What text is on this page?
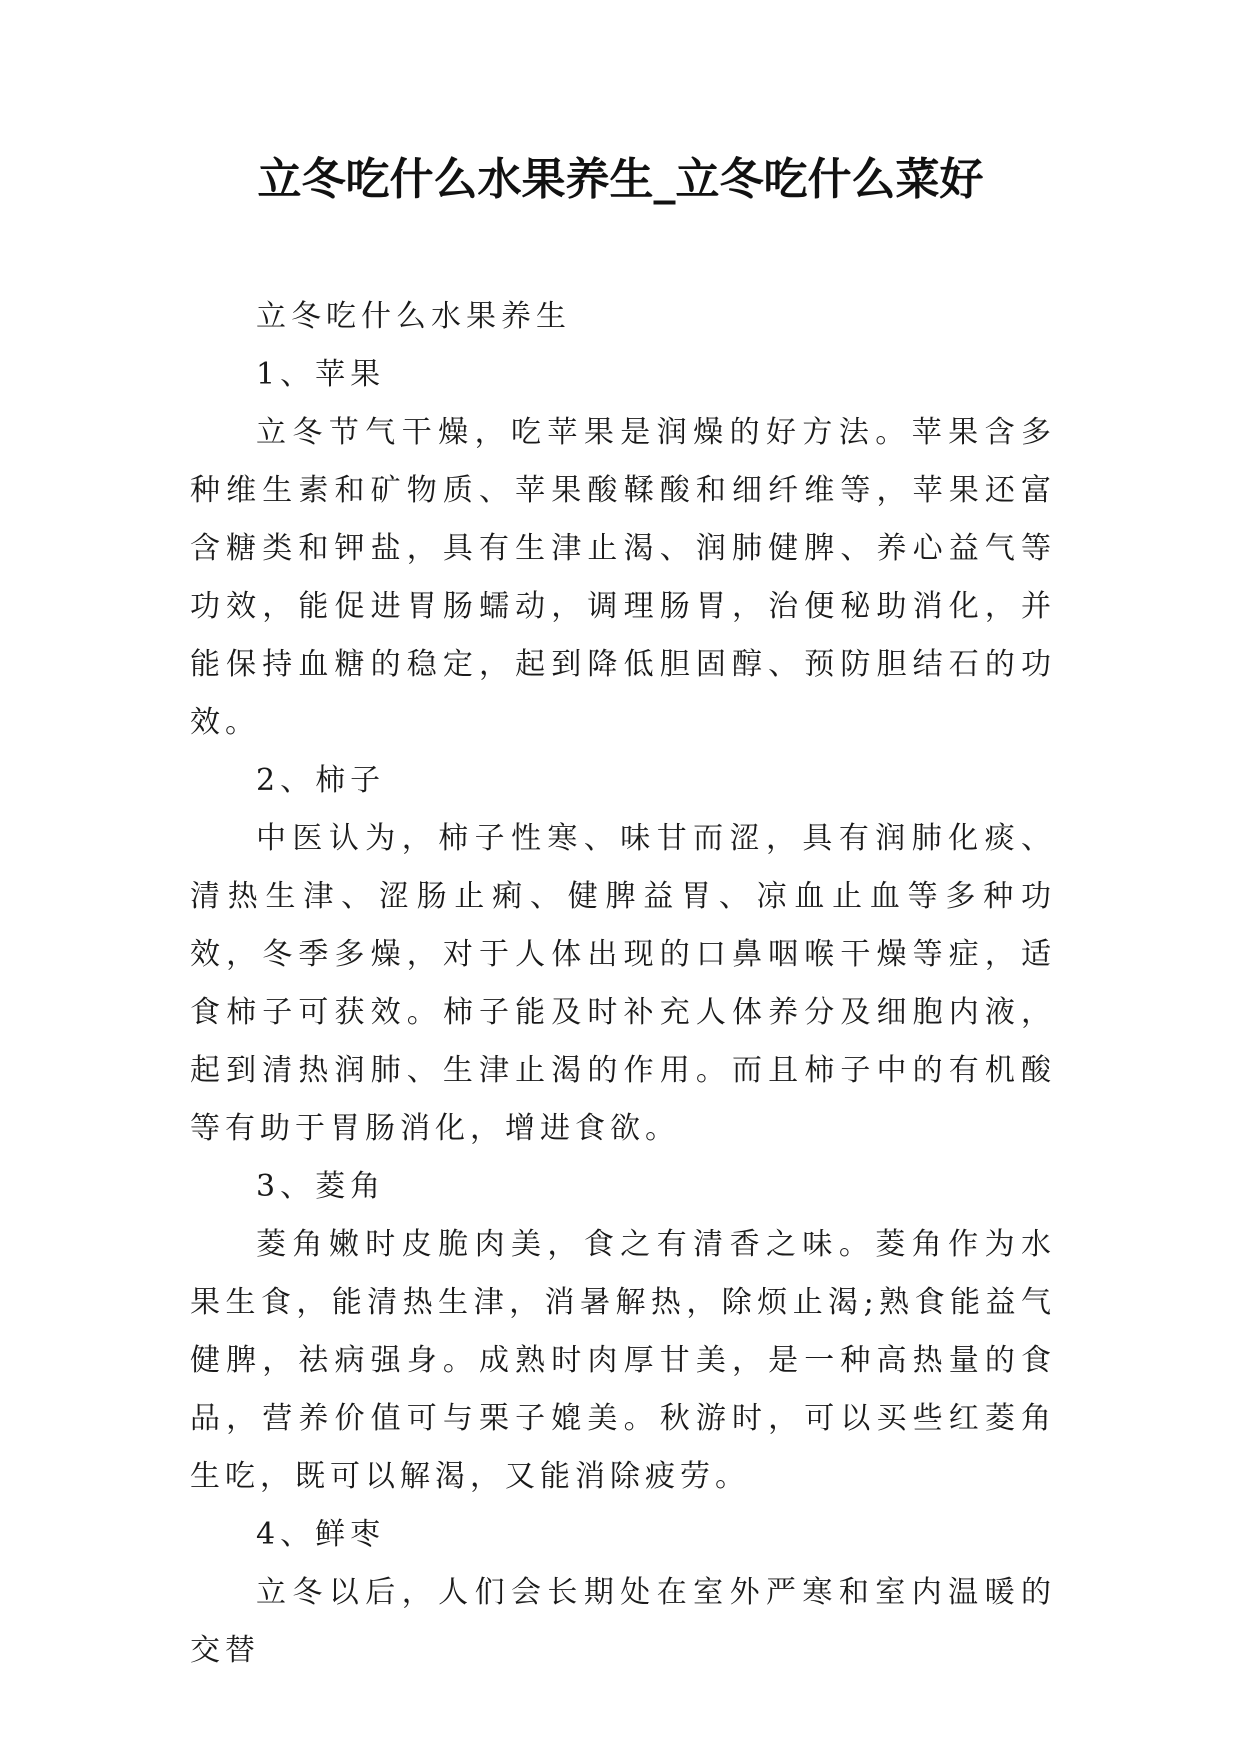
立冬吃什么水果养生_立冬吃什么菜好

立冬吃什么水果养生

1、苹果

立冬节气干燥，吃苹果是润燥的好方法。苹果含多种维生素和矿物质、苹果酸鞣酸和细纤维等，苹果还富含糖类和钾盐，具有生津止渴、润肺健脾、养心益气等功效，能促进胃肠蠕动，调理肠胃，治便秘助消化，并能保持血糖的稳定，起到降低胆固醇、预防胆结石的功效。

2、柿子

中医认为，柿子性寒、味甘而涩，具有润肺化痰、清热生津、涩肠止痢、健脾益胃、凉血止血等多种功效，冬季多燥，对于人体出现的口鼻咽喉干燥等症，适食柿子可获效。柿子能及时补充人体养分及细胞内液，起到清热润肺、生津止渴的作用。而且柿子中的有机酸等有助于胃肠消化，增进食欲。

3、菱角

菱角嫩时皮脆肉美，食之有清香之味。菱角作为水果生食，能清热生津，消暑解热，除烦止渴;熟食能益气健脾，祛病强身。成熟时肉厚甘美，是一种高热量的食品，营养价值可与栗子媲美。秋游时，可以买些红菱角生吃，既可以解渴，又能消除疲劳。

4、鲜枣

立冬以后，人们会长期处在室外严寒和室内温暖的交替
